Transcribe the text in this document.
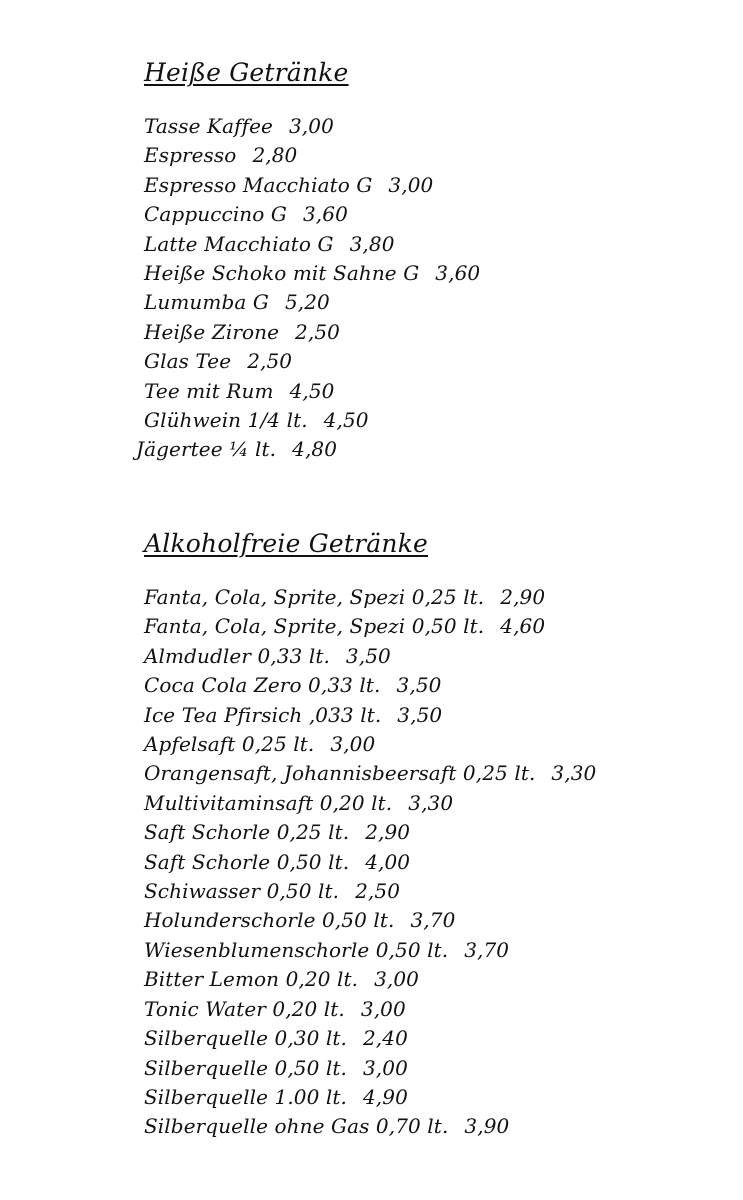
Heiße Getränke
Tasse Kaffee 3,00
Espresso 2,80
Espresso Macchiato G 3,00
Cappuccino G 3,60
Latte Macchiato G 3,80
Heiße Schoko mit Sahne G 3,60
Lumumba G 5,20
Heiße Zirone 2,50
Glas Tee 2,50
Tee mit Rum 4,50
Glühwein 1/4 lt. 4,50
Jägertee ¼ lt. 4,80
Alkoholfreie Getränke
Fanta, Cola, Sprite, Spezi 0,25 lt. 2,90
Fanta, Cola, Sprite, Spezi 0,50 lt. 4,60
Almdudler 0,33 lt. 3,50
Coca Cola Zero 0,33 lt. 3,50
Ice Tea Pfirsich ,033 lt. 3,50
Apfelsaft 0,25 lt. 3,00
Orangensaft, Johannisbeersaft 0,25 lt. 3,30
Multivitaminsaft 0,20 lt. 3,30
Saft Schorle 0,25 lt. 2,90
Saft Schorle 0,50 lt. 4,00
Schiwasser 0,50 lt. 2,50
Holunderschorle 0,50 lt. 3,70
Wiesenblumenschorle 0,50 lt. 3,70
Bitter Lemon 0,20 lt. 3,00
Tonic Water 0,20 lt. 3,00
Silberquelle 0,30 lt. 2,40
Silberquelle 0,50 lt. 3,00
Silberquelle 1.00 lt. 4,90
Silberquelle ohne Gas 0,70 lt. 3,90
